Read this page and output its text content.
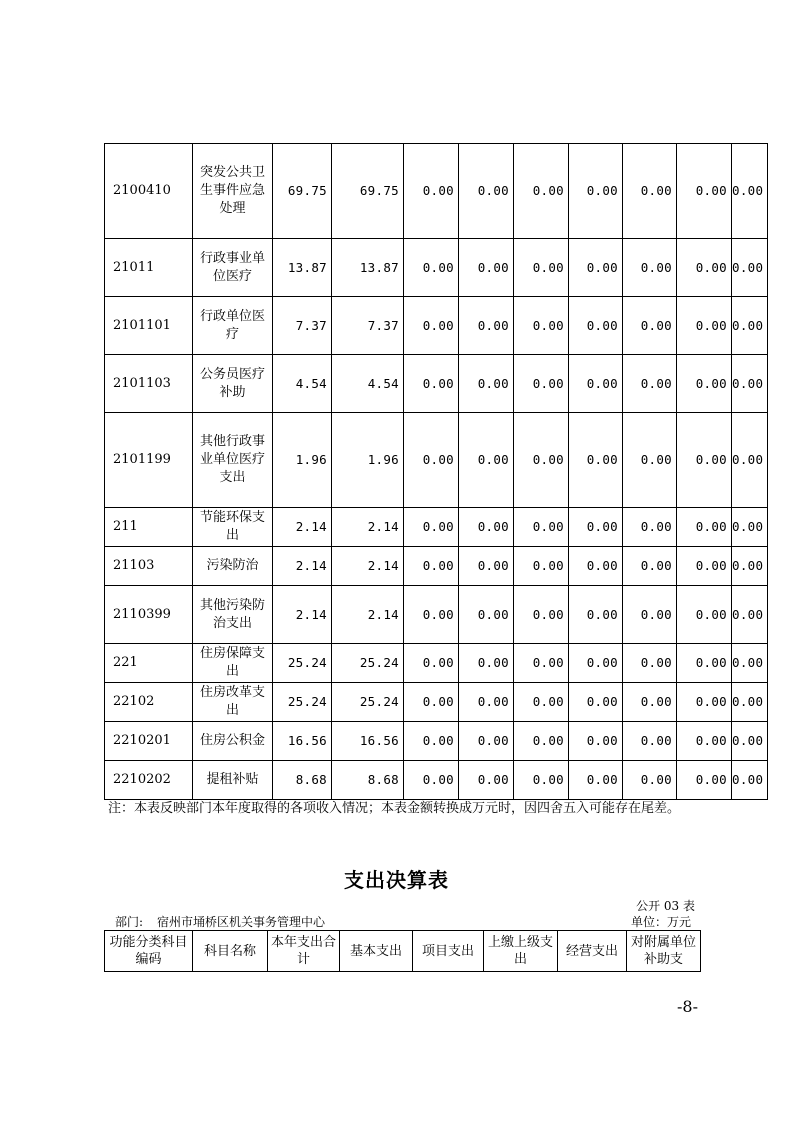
2100410	突发公共卫生事件应急处理	69.75	69.75	0.00	0.00	0.00	0.00	0.00	0.00	0.00
21011	行政事业单位医疗	13.87	13.87	0.00	0.00	0.00	0.00	0.00	0.00	0.00
2101101	行政单位医疗	7.37	7.37	0.00	0.00	0.00	0.00	0.00	0.00	0.00
2101103	公务员医疗补助	4.54	4.54	0.00	0.00	0.00	0.00	0.00	0.00	0.00
2101199	其他行政事业单位医疗支出	1.96	1.96	0.00	0.00	0.00	0.00	0.00	0.00	0.00
211	节能环保支出	2.14	2.14	0.00	0.00	0.00	0.00	0.00	0.00	0.00
21103	污染防治	2.14	2.14	0.00	0.00	0.00	0.00	0.00	0.00	0.00
2110399	其他污染防治支出	2.14	2.14	0.00	0.00	0.00	0.00	0.00	0.00	0.00
221	住房保障支出	25.24	25.24	0.00	0.00	0.00	0.00	0.00	0.00	0.00
22102	住房改革支出	25.24	25.24	0.00	0.00	0.00	0.00	0.00	0.00	0.00
2210201	住房公积金	16.56	16.56	0.00	0.00	0.00	0.00	0.00	0.00	0.00
2210202	提租补贴	8.68	8.68	0.00	0.00	0.00	0.00	0.00	0.00	0.00
注：本表反映部门本年度取得的各项收入情况；本表金额转换成万元时，因四舍五入可能存在尾差。
支出决算表
公开 03 表
部门: 宿州市埇桥区机关事务管理中心	单位：万元
功能分类科目编码	科目名称	本年支出合计	基本支出	项目支出	上缴上级支出	经营支出	对附属单位补助支
-8-
